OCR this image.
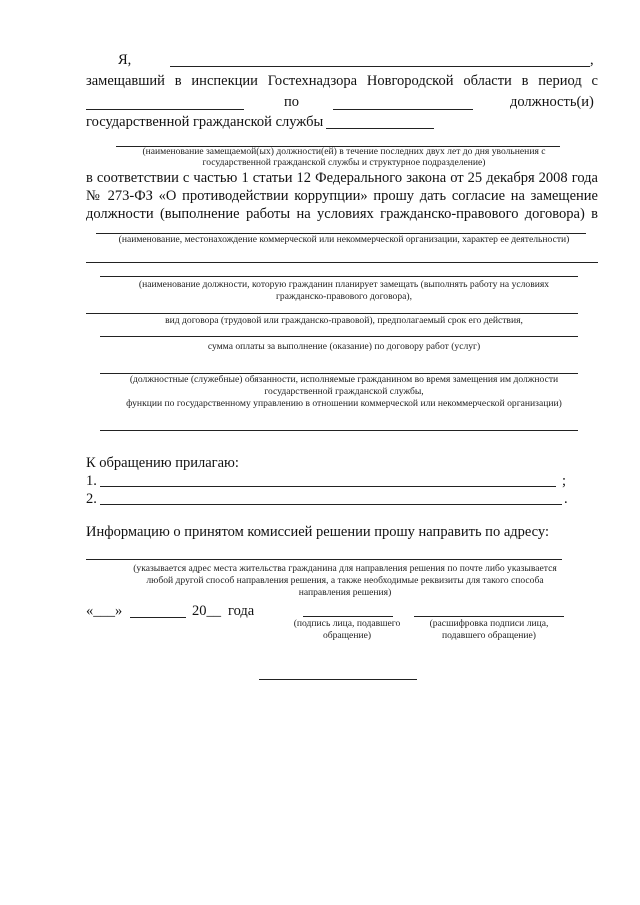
Я,	,
замещавший в инспекции Гостехнадзора Новгородской области в период с
по	должность(и)
государственной гражданской службы
(наименование замещаемой(ых) должности(ей) в течение последних двух лет до дня увольнения с
государственной гражданской службы и структурное подразделение)
в соответствии с частью 1 статьи 12 Федерального закона от 25 декабря 2008 года
№ 273-ФЗ «О противодействии коррупции» прошу дать согласие на замещение
должности (выполнение работы на условиях гражданско-правового договора) в
(наименование, местонахождение коммерческой или некоммерческой организации, характер ее деятельности)
(наименование должности, которую гражданин планирует замещать (выполнять работу на условиях
гражданско-правового договора),
вид договора (трудовой или гражданско-правовой), предполагаемый срок его действия,
сумма оплаты за выполнение (оказание) по договору работ (услуг)
(должностные (служебные) обязанности, исполняемые гражданином во время замещения им должности
государственной гражданской службы,
функции по государственному управлению в отношении коммерческой или некоммерческой организации)
К обращению прилагаю:
1.	;
2.	.
Информацию о принятом комиссией решении прошу направить по адресу:
(указывается адрес места жительства гражданина для направления решения по почте либо указывается
любой другой способ направления решения, а также необходимые реквизиты для такого способа
направления решения)
«___»	20__ года
(подпись лица, подавшего
обращение)
(расшифровка подписи лица,
подавшего обращение)
